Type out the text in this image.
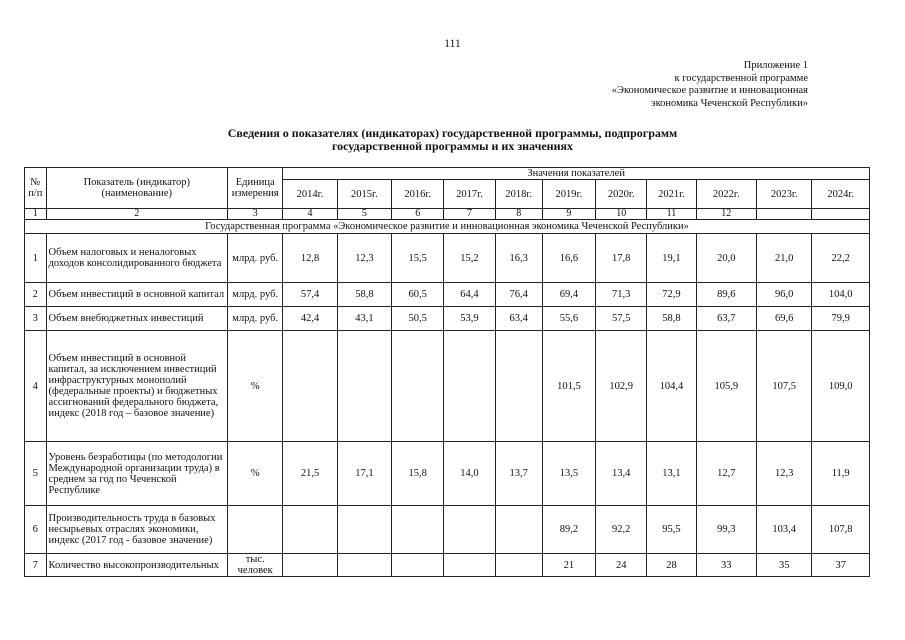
111
Приложение 1
к государственной программе
«Экономическое развитие и инновационная
экономика Чеченской Республики»
Сведения о показателях (индикаторах) государственной программы, подпрограмм
государственной программы и их значениях
№ п/п	Показатель (индикатор) (наименование)	Единица измерения	Значения показателей										
			2014г.	2015г.	2016г.	2017г.	2018г.	2019г.	2020г.	2021г.	2022г.	2023г.	2024г.
1	2	3	4	5	6	7	8	9	10	11	12		
Государственная программа «Экономическое развитие и инновационная экономика Чеченской Республики»													
1	Объем налоговых и неналоговых доходов консолидированного бюджета	млрд. руб.	12,8	12,3	15,5	15,2	16,3	16,6	17,8	19,1	20,0	21,0	22,2
2	Объем инвестиций в основной капитал	млрд. руб.	57,4	58,8	60,5	64,4	76,4	69,4	71,3	72,9	89,6	96,0	104,0
3	Объем внебюджетных инвестиций	млрд. руб.	42,4	43,1	50,5	53,9	63,4	55,6	57,5	58,8	63,7	69,6	79,9
4	Объем инвестиций в основной капитал, за исключением инвестиций инфраструктурных монополий (федеральные проекты) и бюджетных ассигнований федерального бюджета, индекс (2018 год – базовое значение)	%						101,5	102,9	104,4	105,9	107,5	109,0
5	Уровень безработицы (по методологии Международной организации труда) в среднем за год по Чеченской Республике	%	21,5	17,1	15,8	14,0	13,7	13,5	13,4	13,1	12,7	12,3	11,9
6	Производительность труда в базовых несырьевых отраслях экономики, индекс (2017 год - базовое значение)							89,2	92,2	95,5	99,3	103,4	107,8
7	Количество высокопроизводительных	тыс. человек						21	24	28	33	35	37
